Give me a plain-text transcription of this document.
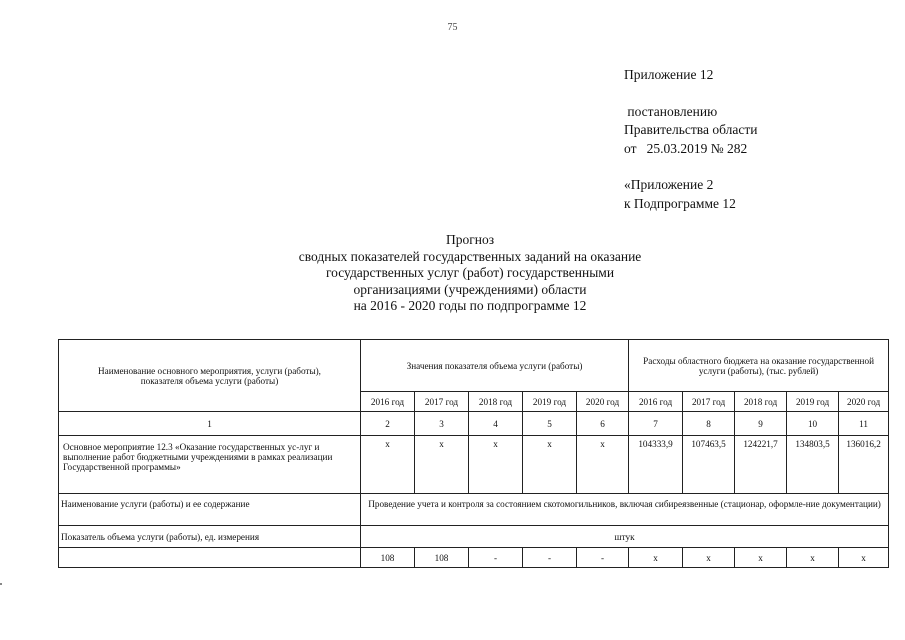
75
Приложение 12
постановлению
Правительства области
от   25.03.2019 № 282
«Приложение 2
к Подпрограмме 12
Прогноз
сводных показателей государственных заданий на оказание
государственных услуг (работ) государственными
организациями (учреждениями) области
на 2016 - 2020 годы по подпрограмме 12
Наименование основного мероприятия, услуги (работы), показателя объема услуги (работы)	Значения показателя объема услуги (работы)					Расходы областного бюджета на оказание государственной услуги (работы), (тыс. рублей)				
	2016 год	2017 год	2018 год	2019 год	2020 год	2016 год	2017 год	2018 год	2019 год	2020 год
1	2	3	4	5	6	7	8	9	10	11
Основное мероприятие 12.3 «Оказание государственных ус-луг и выполнение работ бюджетными учреждениями в рамках реализации Государственной программы»	x	x	x	x	x	104333,9	107463,5	124221,7	134803,5	136016,2
Наименование услуги (работы) и ее содержание	Проведение учета и контроля за состоянием скотомогильников, включая сибиреязвенные (стационар, оформле-ние документации)									
Показатель объема услуги (работы), ед. измерения	штук									
	108	108	-	-	-	x	x	x	x	x
